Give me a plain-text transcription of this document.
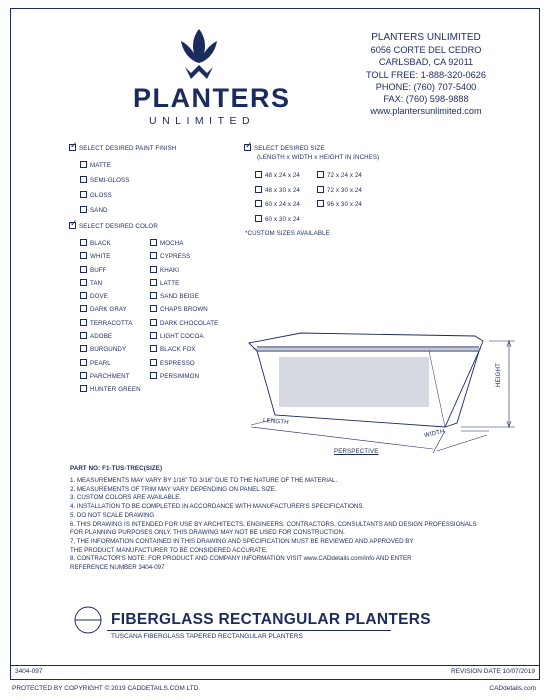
PLANTERS
UNLIMITED
PLANTERS UNLIMITED
6056 CORTE DEL CEDRO
CARLSBAD, CA 92011
TOLL FREE: 1-888-320-0626
PHONE: (760) 707-5400
FAX: (760) 598-9888
www.plantersunlimited.com
✓SELECT DESIRED PAINT FINISH
MATTE
SEMI-GLOSS
GLOSS
SAND
✓SELECT DESIRED COLOR
BLACK
WHITE
BUFF
TAN
DOVE
DARK GRAY
TERRACOTTA
ADOBE
BURGUNDY
PEARL
PARCHMENT
HUNTER GREEN
MOCHA
CYPRESS
KHAKI
LATTE
SAND BEIGE
CHAPS BROWN
DARK CHOCOLATE
LIGHT COCOA
BLACK FOX
ESPRESSO
PERSIMMON
✓SELECT DESIRED SIZE
(LENGTH x WIDTH x HEIGHT IN INCHES)
48 x 24 x 24
48 x 30 x 24
60 x 24 x 24
60 x 30 x 24
72 x 24 x 24
72 x 30 x 24
96 x 30 x 24
*CUSTOM SIZES AVAILABLE
LENGTH
WIDTH
HEIGHT
PERSPECTIVE
PART NO: F1-TUS-TREC(SIZE)
1. MEASUREMENTS MAY VARY BY 1/16" TO 3/16" DUE TO THE NATURE OF THE MATERIAL.
2. MEASUREMENTS OF TRIM MAY VARY DEPENDING ON PANEL SIZE.
3. CUSTOM COLORS ARE AVAILABLE.
4. INSTALLATION TO BE COMPLETED IN ACCORDANCE WITH MANUFACTURER'S SPECIFICATIONS.
5. DO NOT SCALE DRAWING
6. THIS DRAWING IS INTENDED FOR USE BY ARCHITECTS, ENGINEERS, CONTRACTORS, CONSULTANTS AND DESIGN PROFESSIONALS
FOR PLANNING PURPOSES ONLY. THIS DRAWING MAY NOT BE USED FOR CONSTRUCTION.
7. THE INFORMATION CONTAINED IN THIS DRAWING AND SPECIFICATION MUST BE REVIEWED AND APPROVED BY
THE PRODUCT MANUFACTURER TO BE CONSIDERED ACCURATE.
8. CONTRACTOR'S NOTE: FOR PRODUCT AND COMPANY INFORMATION VISIT www.CADdetails.com/info AND ENTER
REFERENCE NUMBER 3404-097
FIBERGLASS RECTANGULAR PLANTERS
TUSCANA FIBERGLASS TAPERED RECTANGULAR PLANTERS
3404-097	REVISION DATE 10/07/2019
PROTECTED BY COPYRIGHT © 2019 CADDETAILS.COM LTD.	CADdetails.com
